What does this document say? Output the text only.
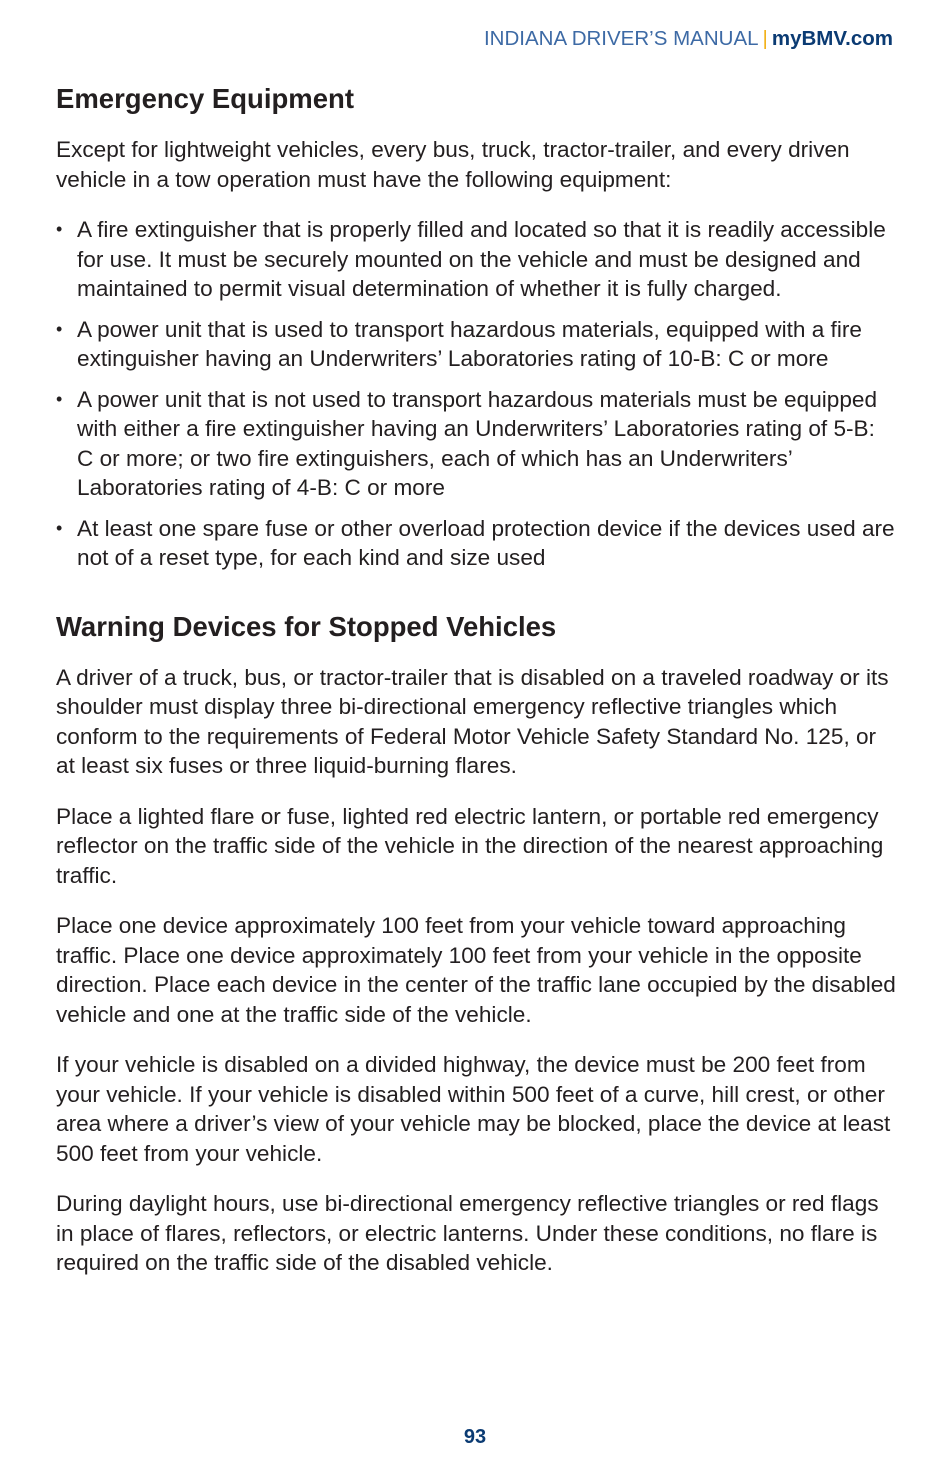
INDIANA DRIVER’S MANUAL | myBMV.com
Emergency Equipment

Except for lightweight vehicles, every bus, truck, tractor-trailer, and every driven vehicle in a tow operation must have the following equipment:

• A fire extinguisher that is properly filled and located so that it is readily accessible for use. It must be securely mounted on the vehicle and must be designed and maintained to permit visual determination of whether it is fully charged.
• A power unit that is used to transport hazardous materials, equipped with a fire extinguisher having an Underwriters’ Laboratories rating of 10-B: C or more
• A power unit that is not used to transport hazardous materials must be equipped with either a fire extinguisher having an Underwriters’ Laboratories rating of 5-B: C or more; or two fire extinguishers, each of which has an Underwriters’ Laboratories rating of 4-B: C or more
• At least one spare fuse or other overload protection device if the devices used are not of a reset type, for each kind and size used
Warning Devices for Stopped Vehicles

A driver of a truck, bus, or tractor-trailer that is disabled on a traveled roadway or its shoulder must display three bi-directional emergency reflective triangles which conform to the requirements of Federal Motor Vehicle Safety Standard No. 125, or at least six fuses or three liquid-burning flares.

Place a lighted flare or fuse, lighted red electric lantern, or portable red emergency reflector on the traffic side of the vehicle in the direction of the nearest approaching traffic.

Place one device approximately 100 feet from your vehicle toward approaching traffic. Place one device approximately 100 feet from your vehicle in the opposite direction. Place each device in the center of the traffic lane occupied by the disabled vehicle and one at the traffic side of the vehicle.

If your vehicle is disabled on a divided highway, the device must be 200 feet from your vehicle. If your vehicle is disabled within 500 feet of a curve, hill crest, or other area where a driver’s view of your vehicle may be blocked, place the device at least 500 feet from your vehicle.

During daylight hours, use bi-directional emergency reflective triangles or red flags in place of flares, reflectors, or electric lanterns. Under these conditions, no flare is required on the traffic side of the disabled vehicle.

93
